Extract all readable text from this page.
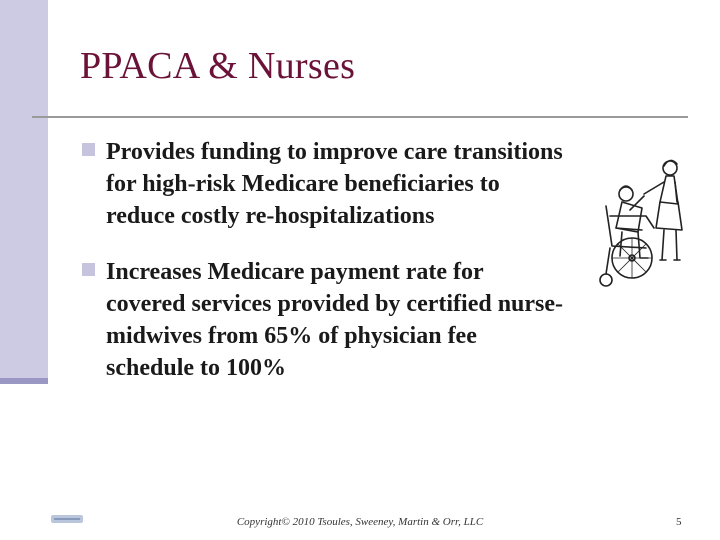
PPACA & Nurses
Provides funding to improve care transitions
for high-risk Medicare beneficiaries to
reduce costly re-hospitalizations
Increases Medicare payment rate for
covered services provided by certified nurse-
midwives from 65% of physician fee
schedule to 100%
Copyright© 2010 Tsoules, Sweeney, Martin & Orr, LLC	5
